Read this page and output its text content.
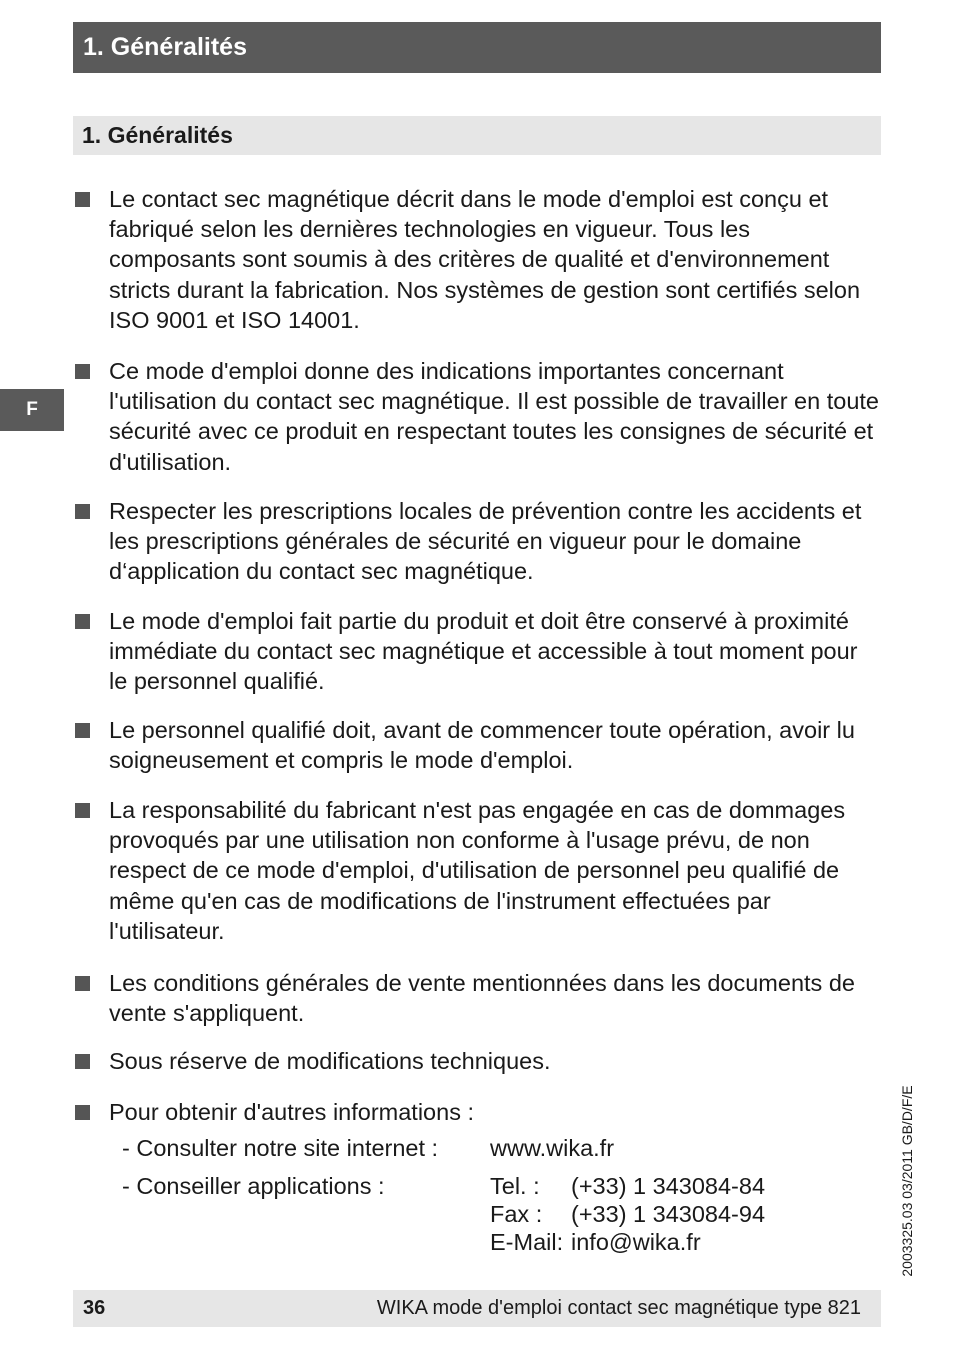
1. Généralités
1. Généralités
F

Le contact sec magnétique décrit dans le mode d'emploi est conçu et fabriqué selon les dernières technologies en vigueur. Tous les composants sont soumis à des critères de qualité et d'environnement stricts durant la fabrication. Nos systèmes de gestion sont certifiés selon ISO 9001 et ISO 14001.

Ce mode d'emploi donne des indications importantes concernant l'utilisation du contact sec magnétique. Il est possible de travailler en toute sécurité avec ce produit en respectant toutes les consignes de sécurité et d'utilisation.

Respecter les prescriptions locales de prévention contre les accidents et les prescriptions générales de sécurité en vigueur pour le domaine d‘application du contact sec magnétique.

Le mode d'emploi fait partie du produit et doit être conservé à proximité immédiate du contact sec magnétique et accessible à tout moment pour le personnel qualifié.

Le personnel qualifié doit, avant de commencer toute opération, avoir lu soigneusement et compris le mode d'emploi.

La responsabilité du fabricant n'est pas engagée en cas de dommages provoqués par une utilisation non conforme à l'usage prévu, de non respect de ce mode d'emploi, d'utilisation de personnel peu qualifié de même qu'en cas de modifications de l'instrument effectuées par l'utilisateur.

Les conditions générales de vente mentionnées dans les documents de vente s'appliquent.

Sous réserve de modifications techniques.

Pour obtenir d'autres informations :

- Consulter notre site internet : www.wika.fr
- Conseiller applications :	Tel. : (+33) 1 343084-84
Fax : (+33) 1 343084-94
E-Mail: info@wika.fr	2003325.03 03/2011 GB/D/F/E
36	WIKA mode d'emploi contact sec magnétique type 821
